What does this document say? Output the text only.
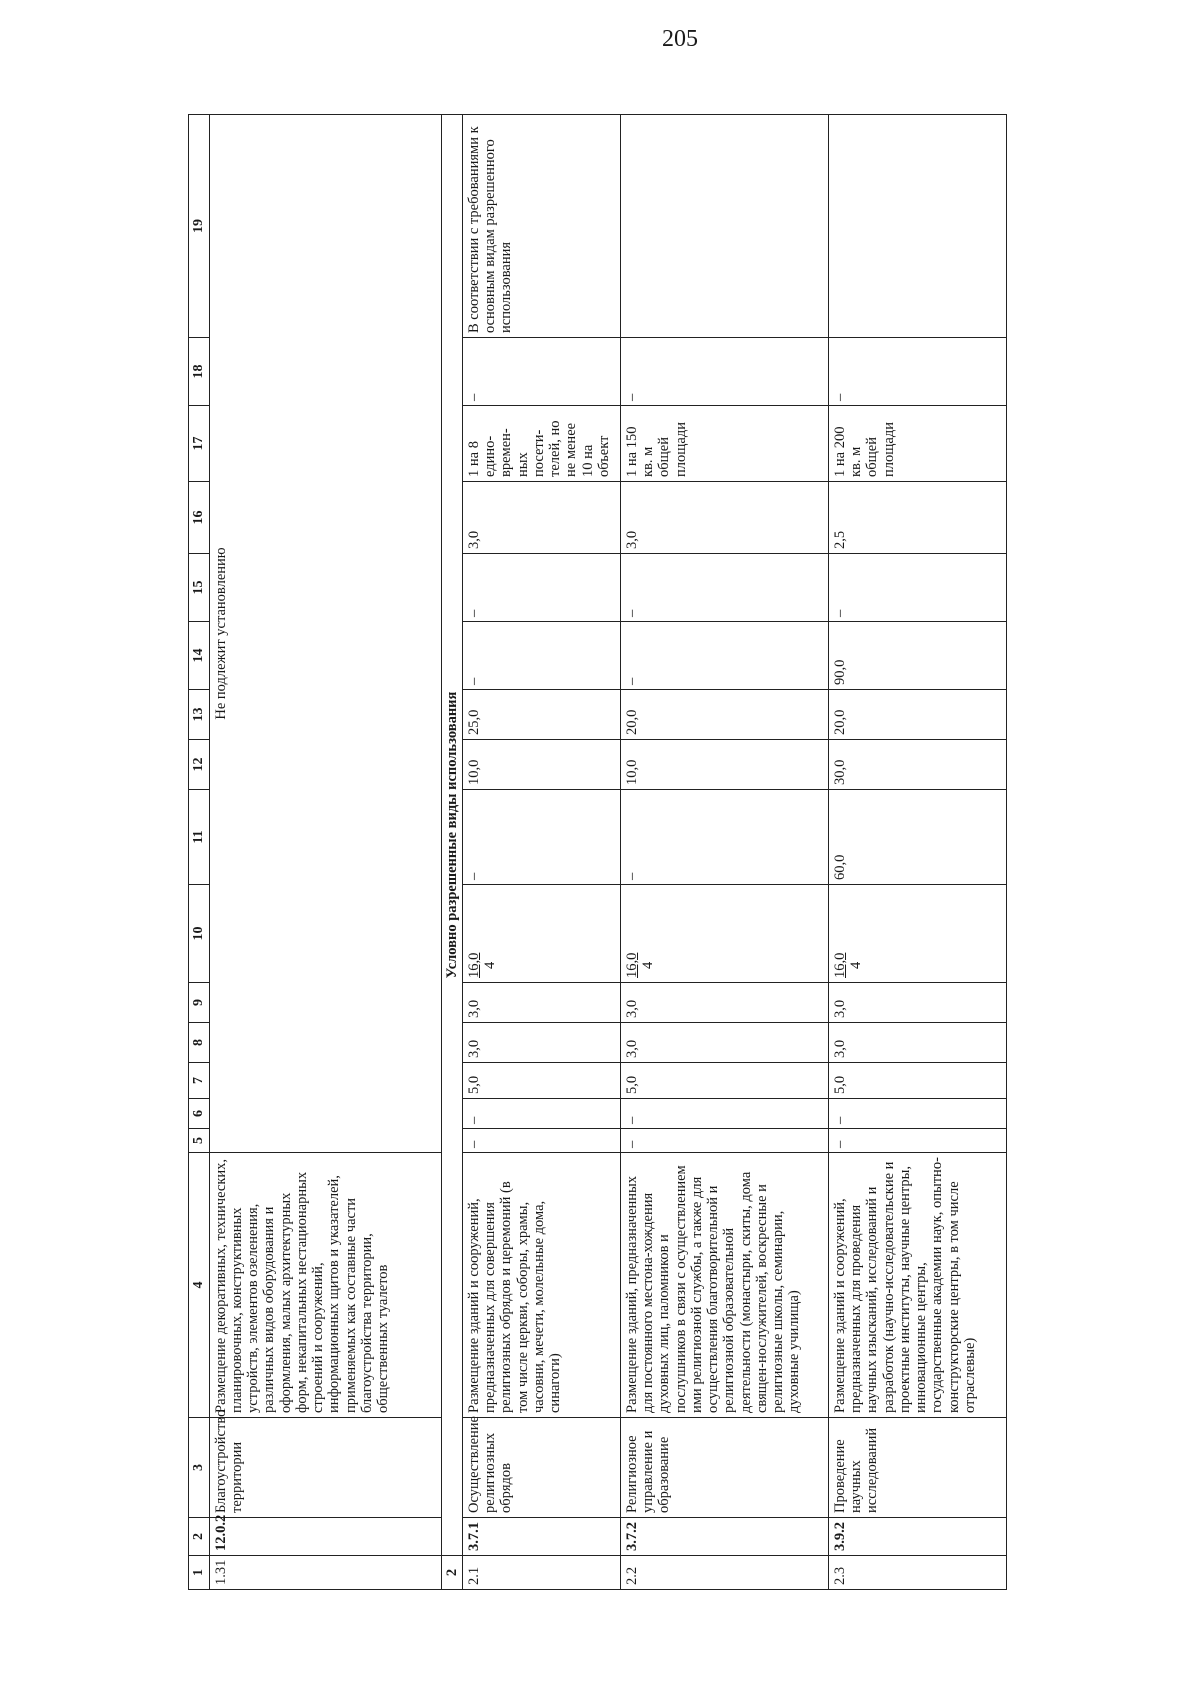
205
1	2	3	4	5	6	7	8	9	10	11	12	13	14	15	16	17	18	19
1.31	12.0.2	Благоустройство территории	Размещение декоративных, технических, планировочных, конструктивных устройств, элементов озеленения, различных видов оборудования и оформления, малых архитектурных форм, некапитальных нестационарных строений и сооружений, информационных щитов и указателей, применяемых как составные части благоустройства территории, общественных туалетов	Не подлежит установлению														
2	Условно разрешенные виды использования																	
2.1	3.7.1	Осуществление религиозных обрядов	Размещение зданий и сооружений, предназначенных для совершения религиозных обрядов и церемоний (в том числе церкви, соборы, храмы, часовни, мечети, молельные дома, синагоги)	–	–	5,0	3,0	3,0	16,0 4	–	10,0	25,0	–	–	3,0	1 на 8 едино-времен-ных посети-телей, но не менее 10 на объект	–	В соответствии с требованиями к основным видам разрешенного использования
2.2	3.7.2	Религиозное управление и образование	Размещение зданий, предназначенных для постоянного местона-хождения духовных лиц, паломников и послушников в связи с осуществлением ими религиозной службы, а также для осуществления благотворительной и религиозной образовательной деятельности (монастыри, скиты, дома священ-нослужителей, воскресные и религиозные школы, семинарии, духовные училища)	–	–	5,0	3,0	3,0	16,0 4	–	10,0	20,0	–	–	3,0	1 на 150 кв. м общей площади	–	
2.3	3.9.2	Проведение научных исследований	Размещение зданий и сооружений, предназначенных для проведения научных изысканий, исследований и разработок (научно-исследовательские и проектные институты, научные центры, инновационные центры, государственные академии наук, опытно-конструкторские центры, в том числе отраслевые)	–	–	5,0	3,0	3,0	16,0 4	60,0	30,0	20,0	90,0	–	2,5	1 на 200 кв. м общей площади	–	
